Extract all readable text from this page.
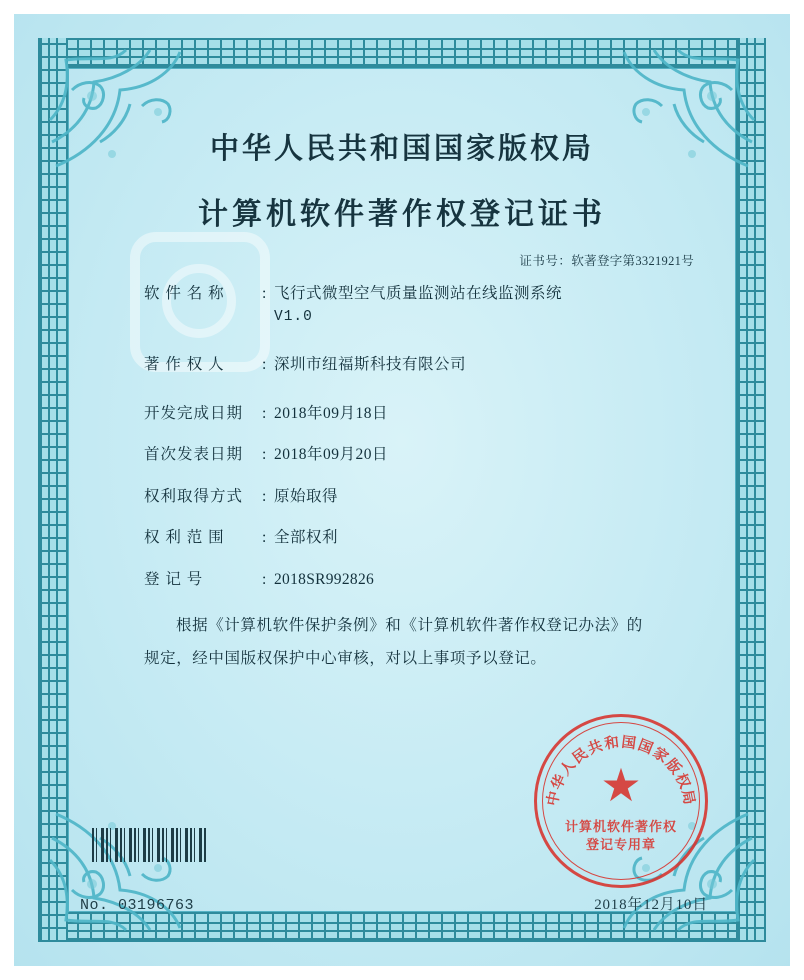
中华人民共和国国家版权局
计算机软件著作权登记证书
证书号：软著登字第3321921号
软 件 名 称	: 飞行式微型空气质量监测站在线监测系统
V1.0
著 作 权 人	: 深圳市纽福斯科技有限公司
开发完成日期	: 2018年09月18日
首次发表日期	: 2018年09月20日
权利取得方式	: 原始取得
权 利 范 围	: 全部权利
登 记 号	: 2018SR992826

根据《计算机软件保护条例》和《计算机软件著作权登记办法》的

规定，经中国版权保护中心审核，对以上事项予以登记。

中华人民共和国国家版权局
★
计算机软件著作权
登记专用章
No. 03196763	2018年12月10日
